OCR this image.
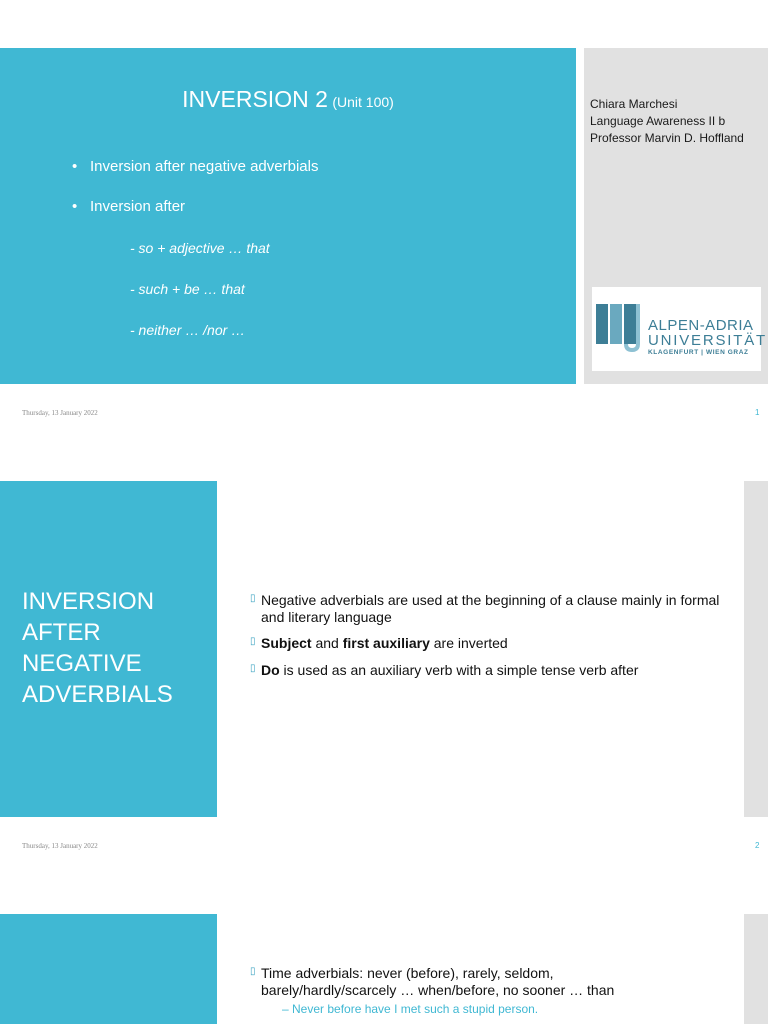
INVERSION 2 (Unit 100)
• Inversion after negative adverbials
• Inversion after
- so + adjective … that
- such + be … that
- neither … /nor …
Chiara Marchesi
Language Awareness II b
Professor Marvin D. Hoffland
ALPEN-ADRIA
UNIVERSITÄT
KLAGENFURT | WIEN GRAZ
Thursday, 13 January 2022	1
INVERSION
AFTER
NEGATIVE
ADVERBIALS
▯ Negative adverbials are used at the beginning of a clause mainly in formal and literary language
▯ Subject and first auxiliary are inverted
▯ Do is used as an auxiliary verb with a simple tense verb after
Thursday, 13 January 2022	2
▯ Time adverbials: never (before), rarely, seldom, barely/hardly/scarcely … when/before, no sooner … than
– Never before have I met such a stupid person.
